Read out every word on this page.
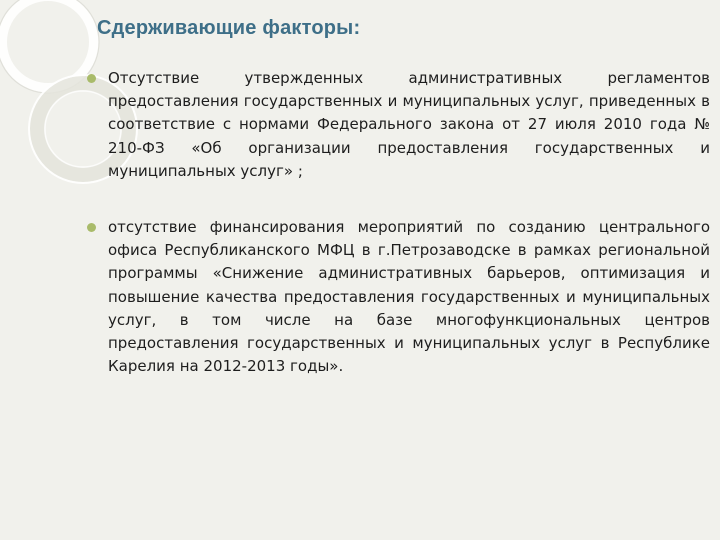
Сдерживающие факторы:
Отсутствие утвержденных административных регламентов предоставления государственных и муниципальных услуг, приведенных в соответствие с нормами Федерального закона от 27 июля 2010 года № 210-ФЗ «Об организации предоставления государственных и муниципальных услуг» ;
отсутствие финансирования мероприятий по созданию центрального офиса Республиканского МФЦ в г.Петрозаводске в рамках региональной программы «Снижение административных барьеров, оптимизация и повышение качества предоставления государственных и муниципальных услуг, в том числе на базе многофункциональных центров предоставления государственных и муниципальных услуг в Республике Карелия на 2012-2013 годы».
